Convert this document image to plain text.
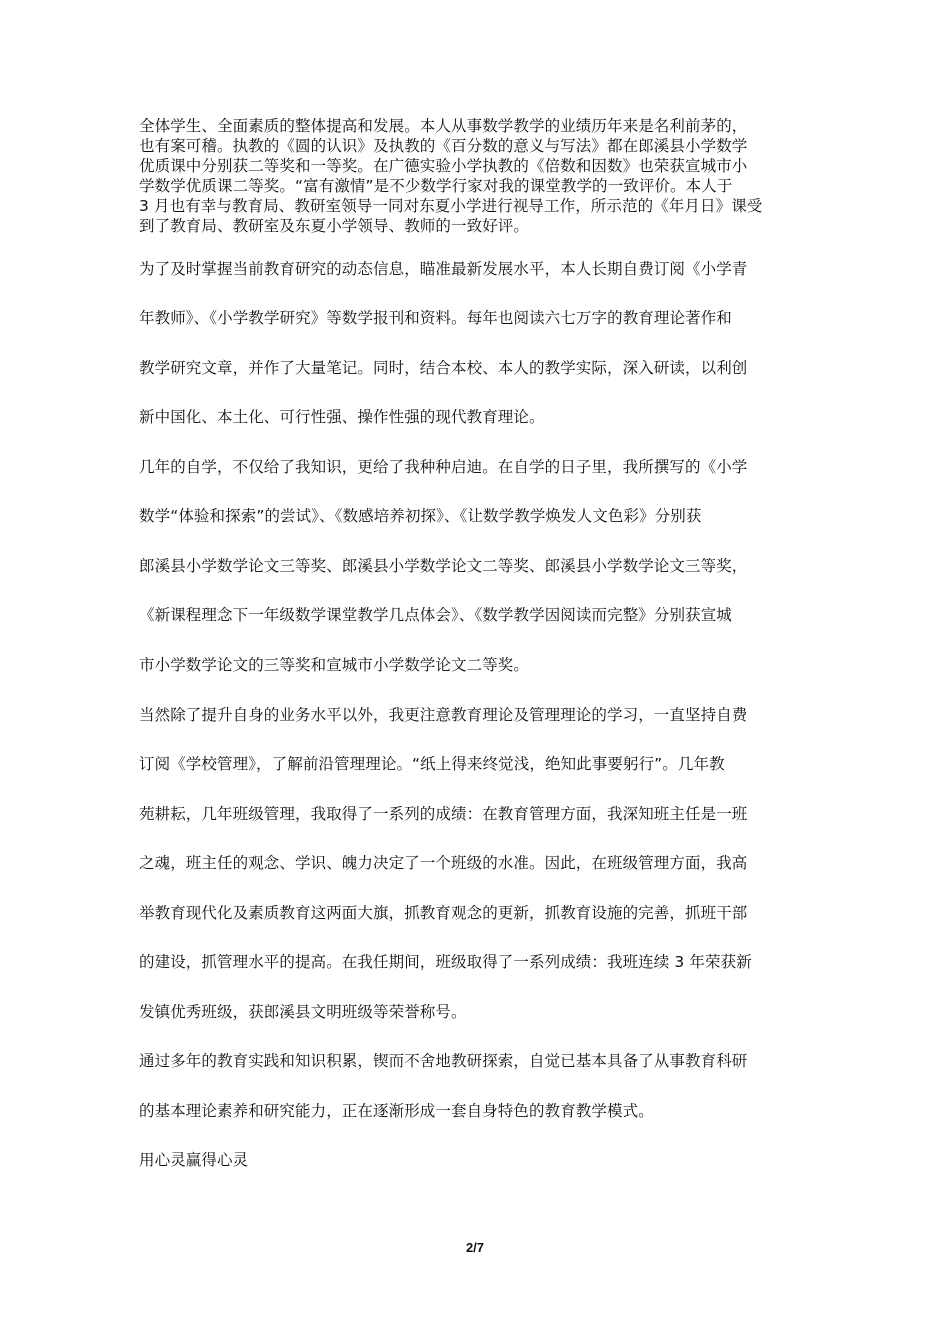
全体学生、全面素质的整体提高和发展。本人从事数学教学的业绩历年来是名利前茅的，
也有案可稽。执教的《圆的认识》及执教的《百分数的意义与写法》都在郎溪县小学数学
优质课中分别获二等奖和一等奖。在广德实验小学执教的《倍数和因数》也荣获宣城市小
学数学优质课二等奖。“富有激情”是不少数学行家对我的课堂教学的一致评价。本人于
3 月也有幸与教育局、教研室领导一同对东夏小学进行视导工作，所示范的《年月日》课受
到了教育局、教研室及东夏小学领导、教师的一致好评。
为了及时掌握当前教育研究的动态信息，瞄准最新发展水平，本人长期自费订阅《小学青
年教师》、《小学教学研究》等数学报刊和资料。每年也阅读六七万字的教育理论著作和
教学研究文章，并作了大量笔记。同时，结合本校、本人的教学实际，深入研读，以利创
新中国化、本土化、可行性强、操作性强的现代教育理论。
几年的自学，不仅给了我知识，更给了我种种启迪。在自学的日子里，我所撰写的《小学
数学“体验和探索”的尝试》、《数感培养初探》、《让数学教学焕发人文色彩》分别获
郎溪县小学数学论文三等奖、郎溪县小学数学论文二等奖、郎溪县小学数学论文三等奖，
《新课程理念下一年级数学课堂教学几点体会》、《数学教学因阅读而完整》分别获宣城
市小学数学论文的三等奖和宣城市小学数学论文二等奖。
当然除了提升自身的业务水平以外，我更注意教育理论及管理理论的学习，一直坚持自费
订阅《学校管理》，了解前沿管理理论。“纸上得来终觉浅，绝知此事要躬行”。几年教
苑耕耘，几年班级管理，我取得了一系列的成绩：在教育管理方面，我深知班主任是一班
之魂，班主任的观念、学识、魄力决定了一个班级的水准。因此，在班级管理方面，我高
举教育现代化及素质教育这两面大旗，抓教育观念的更新，抓教育设施的完善，抓班干部
的建设，抓管理水平的提高。在我任期间，班级取得了一系列成绩：我班连续 3 年荣获新
发镇优秀班级，获郎溪县文明班级等荣誉称号。
通过多年的教育实践和知识积累，锲而不舍地教研探索，自觉已基本具备了从事教育科研
的基本理论素养和研究能力，正在逐渐形成一套自身特色的教育教学模式。
用心灵赢得心灵
2/7
